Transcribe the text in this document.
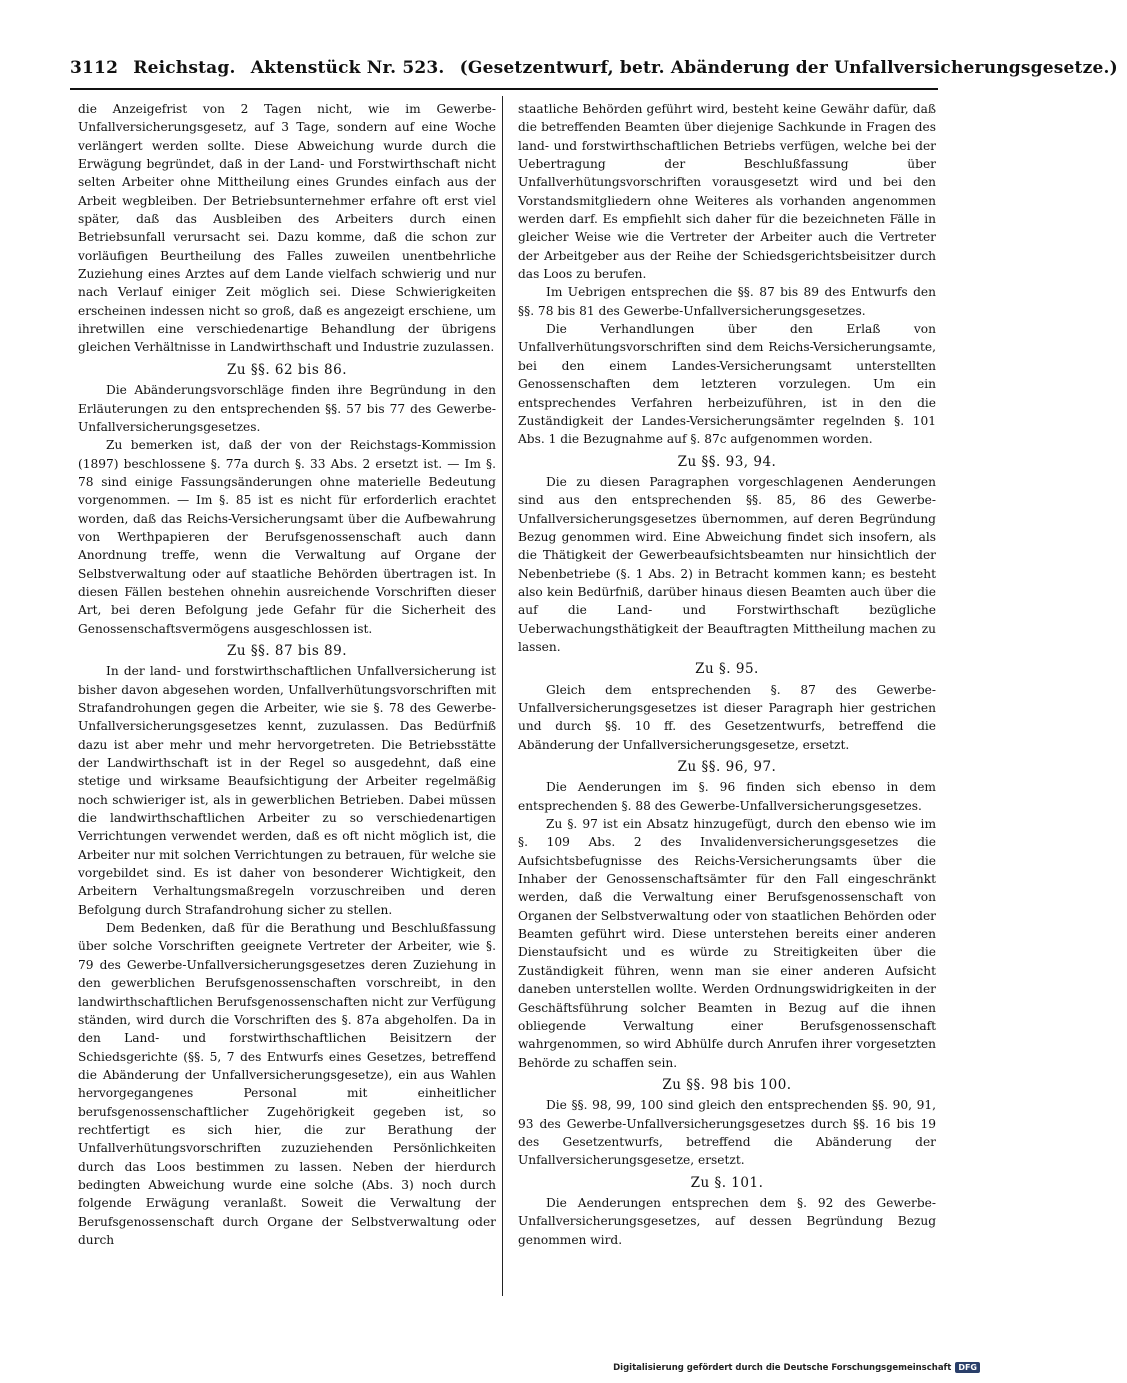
3112 Reichstag. Aktenstück Nr. 523. (Gesetzentwurf, betr. Abänderung der Unfallversicherungsgesetze.)

die Anzeigefrist von 2 Tagen nicht, wie im Gewerbe-Unfallversicherungsgesetz, auf 3 Tage, sondern auf eine Woche verlängert werden sollte. Diese Abweichung wurde durch die Erwägung begründet, daß in der Land- und Forstwirthschaft nicht selten Arbeiter ohne Mittheilung eines Grundes einfach aus der Arbeit wegbleiben. Der Betriebsunternehmer erfahre oft erst viel später, daß das Ausbleiben des Arbeiters durch einen Betriebsunfall verursacht sei. Dazu komme, daß die schon zur vorläufigen Beurtheilung des Falles zuweilen unentbehrliche Zuziehung eines Arztes auf dem Lande vielfach schwierig und nur nach Verlauf einiger Zeit möglich sei. Diese Schwierigkeiten erscheinen indessen nicht so groß, daß es angezeigt erschiene, um ihretwillen eine verschiedenartige Behandlung der übrigens gleichen Verhältnisse in Landwirthschaft und Industrie zuzulassen.

Zu §§. 62 bis 86.

Die Abänderungsvorschläge finden ihre Begründung in den Erläuterungen zu den entsprechenden §§. 57 bis 77 des Gewerbe-Unfallversicherungsgesetzes.

Zu bemerken ist, daß der von der Reichstags-Kommission (1897) beschlossene §. 77a durch §. 33 Abs. 2 ersetzt ist. — Im §. 78 sind einige Fassungsänderungen ohne materielle Bedeutung vorgenommen. — Im §. 85 ist es nicht für erforderlich erachtet worden, daß das Reichs-Versicherungsamt über die Aufbewahrung von Werthpapieren der Berufsgenossenschaft auch dann Anordnung treffe, wenn die Verwaltung auf Organe der Selbstverwaltung oder auf staatliche Behörden übertragen ist. In diesen Fällen bestehen ohnehin ausreichende Vorschriften dieser Art, bei deren Befolgung jede Gefahr für die Sicherheit des Genossenschaftsvermögens ausgeschlossen ist.

Zu §§. 87 bis 89.

In der land- und forstwirthschaftlichen Unfallversicherung ist bisher davon abgesehen worden, Unfallverhütungsvorschriften mit Strafandrohungen gegen die Arbeiter, wie sie §. 78 des Gewerbe-Unfallversicherungsgesetzes kennt, zuzulassen. Das Bedürfniß dazu ist aber mehr und mehr hervorgetreten. Die Betriebsstätte der Landwirthschaft ist in der Regel so ausgedehnt, daß eine stetige und wirksame Beaufsichtigung der Arbeiter regelmäßig noch schwieriger ist, als in gewerblichen Betrieben. Dabei müssen die landwirthschaftlichen Arbeiter zu so verschiedenartigen Verrichtungen verwendet werden, daß es oft nicht möglich ist, die Arbeiter nur mit solchen Verrichtungen zu betrauen, für welche sie vorgebildet sind. Es ist daher von besonderer Wichtigkeit, den Arbeitern Verhaltungsmaßregeln vorzuschreiben und deren Befolgung durch Strafandrohung sicher zu stellen.

Dem Bedenken, daß für die Berathung und Beschlußfassung über solche Vorschriften geeignete Vertreter der Arbeiter, wie §. 79 des Gewerbe-Unfallversicherungsgesetzes deren Zuziehung in den gewerblichen Berufsgenossenschaften vorschreibt, in den landwirthschaftlichen Berufsgenossenschaften nicht zur Verfügung ständen, wird durch die Vorschriften des §. 87a abgeholfen. Da in den Land- und forstwirthschaftlichen Beisitzern der Schiedsgerichte (§§. 5, 7 des Entwurfs eines Gesetzes, betreffend die Abänderung der Unfallversicherungsgesetze), ein aus Wahlen hervorgegangenes Personal mit einheitlicher berufsgenossenschaftlicher Zugehörigkeit gegeben ist, so rechtfertigt es sich hier, die zur Berathung der Unfallverhütungsvorschriften zuzuziehenden Persönlichkeiten durch das Loos bestimmen zu lassen. Neben der hierdurch bedingten Abweichung wurde eine solche (Abs. 3) noch durch folgende Erwägung veranlaßt. Soweit die Verwaltung der Berufsgenossenschaft durch Organe der Selbstverwaltung oder durch

staatliche Behörden geführt wird, besteht keine Gewähr dafür, daß die betreffenden Beamten über diejenige Sachkunde in Fragen des land- und forstwirthschaftlichen Betriebs verfügen, welche bei der Uebertragung der Beschlußfassung über Unfallverhütungsvorschriften vorausgesetzt wird und bei den Vorstandsmitgliedern ohne Weiteres als vorhanden angenommen werden darf. Es empfiehlt sich daher für die bezeichneten Fälle in gleicher Weise wie die Vertreter der Arbeiter auch die Vertreter der Arbeitgeber aus der Reihe der Schiedsgerichtsbeisitzer durch das Loos zu berufen.

Im Uebrigen entsprechen die §§. 87 bis 89 des Entwurfs den §§. 78 bis 81 des Gewerbe-Unfallversicherungsgesetzes.

Die Verhandlungen über den Erlaß von Unfallverhütungsvorschriften sind dem Reichs-Versicherungsamte, bei den einem Landes-Versicherungsamt unterstellten Genossenschaften dem letzteren vorzulegen. Um ein entsprechendes Verfahren herbeizuführen, ist in den die Zuständigkeit der Landes-Versicherungsämter regelnden §. 101 Abs. 1 die Bezugnahme auf §. 87c aufgenommen worden.

Zu §§. 93, 94.

Die zu diesen Paragraphen vorgeschlagenen Aenderungen sind aus den entsprechenden §§. 85, 86 des Gewerbe-Unfallversicherungsgesetzes übernommen, auf deren Begründung Bezug genommen wird. Eine Abweichung findet sich insofern, als die Thätigkeit der Gewerbeaufsichtsbeamten nur hinsichtlich der Nebenbetriebe (§. 1 Abs. 2) in Betracht kommen kann; es besteht also kein Bedürfniß, darüber hinaus diesen Beamten auch über die auf die Land- und Forstwirthschaft bezügliche Ueberwachungsthätigkeit der Beauftragten Mittheilung machen zu lassen.

Zu §. 95.

Gleich dem entsprechenden §. 87 des Gewerbe-Unfallversicherungsgesetzes ist dieser Paragraph hier gestrichen und durch §§. 10 ff. des Gesetzentwurfs, betreffend die Abänderung der Unfallversicherungsgesetze, ersetzt.

Zu §§. 96, 97.

Die Aenderungen im §. 96 finden sich ebenso in dem entsprechenden §. 88 des Gewerbe-Unfallversicherungsgesetzes.

Zu §. 97 ist ein Absatz hinzugefügt, durch den ebenso wie im §. 109 Abs. 2 des Invalidenversicherungsgesetzes die Aufsichtsbefugnisse des Reichs-Versicherungsamts über die Inhaber der Genossenschaftsämter für den Fall eingeschränkt werden, daß die Verwaltung einer Berufsgenossenschaft von Organen der Selbstverwaltung oder von staatlichen Behörden oder Beamten geführt wird. Diese unterstehen bereits einer anderen Dienstaufsicht und es würde zu Streitigkeiten über die Zuständigkeit führen, wenn man sie einer anderen Aufsicht daneben unterstellen wollte. Werden Ordnungswidrigkeiten in der Geschäftsführung solcher Beamten in Bezug auf die ihnen obliegende Verwaltung einer Berufsgenossenschaft wahrgenommen, so wird Abhülfe durch Anrufen ihrer vorgesetzten Behörde zu schaffen sein.

Zu §§. 98 bis 100.

Die §§. 98, 99, 100 sind gleich den entsprechenden §§. 90, 91, 93 des Gewerbe-Unfallversicherungsgesetzes durch §§. 16 bis 19 des Gesetzentwurfs, betreffend die Abänderung der Unfallversicherungsgesetze, ersetzt.

Zu §. 101.

Die Aenderungen entsprechen dem §. 92 des Gewerbe-Unfallversicherungsgesetzes, auf dessen Begründung Bezug genommen wird.

Digitalisierung gefördert durch die Deutsche Forschungsgemeinschaft DFG
